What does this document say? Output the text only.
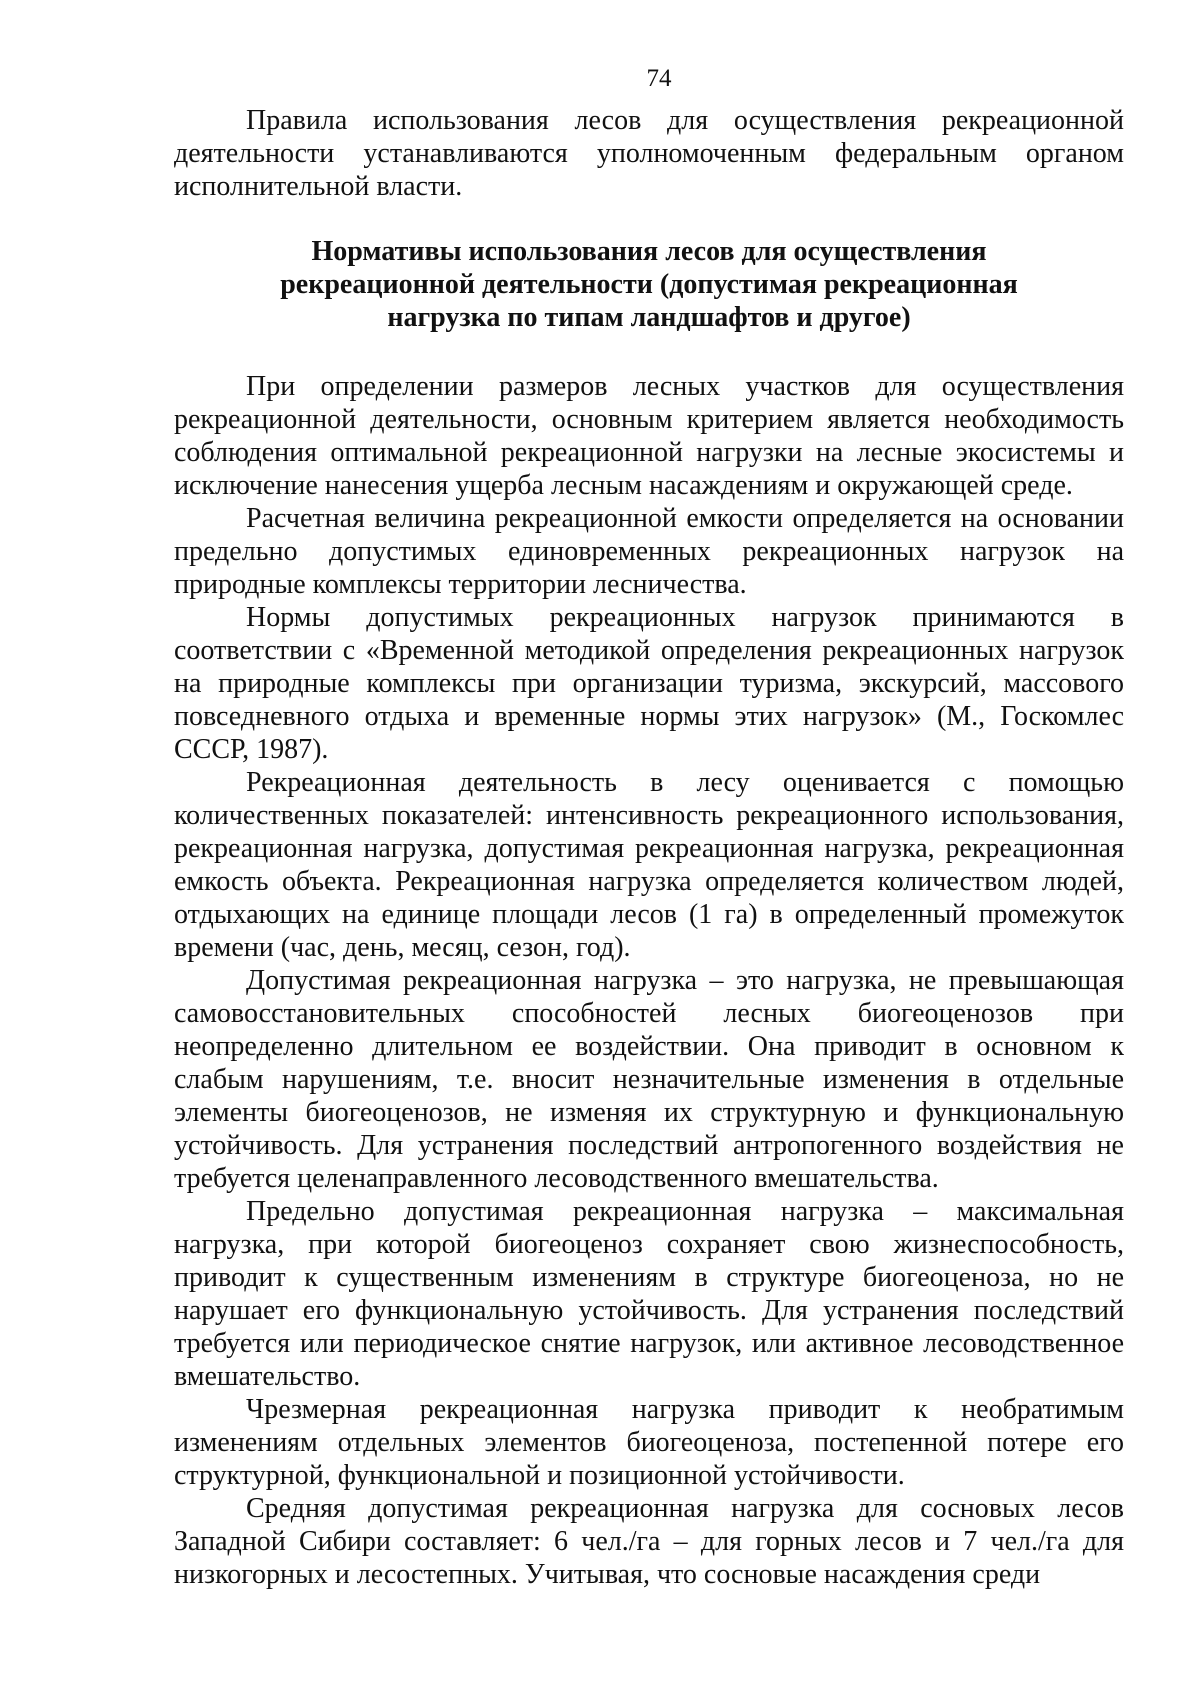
74

Правила использования лесов для осуществления рекреационной деятельности устанавливаются уполномоченным федеральным органом исполнительной власти.

Нормативы использования лесов для осуществления
рекреационной деятельности (допустимая рекреационная
нагрузка по типам ландшафтов и другое)

При определении размеров лесных участков для осуществления рекреационной деятельности, основным критерием является необходимость соблюдения оптимальной рекреационной нагрузки на лесные экосистемы и исключение нанесения ущерба лесным насаждениям и окружающей среде.

Расчетная величина рекреационной емкости определяется на основании предельно допустимых единовременных рекреационных нагрузок на природные комплексы территории лесничества.

Нормы допустимых рекреационных нагрузок принимаются в соответствии с «Временной методикой определения рекреационных нагрузок на природные комплексы при организации туризма, экскурсий, массового повседневного отдыха и временные нормы этих нагрузок» (М., Госкомлес СССР, 1987).

Рекреационная деятельность в лесу оценивается с помощью количественных показателей: интенсивность рекреационного использования, рекреационная нагрузка, допустимая рекреационная нагрузка, рекреационная емкость объекта. Рекреационная нагрузка определяется количеством людей, отдыхающих на единице площади лесов (1 га) в определенный промежуток времени (час, день, месяц, сезон, год).

Допустимая рекреационная нагрузка – это нагрузка, не превышающая самовосстановительных способностей лесных биогеоценозов при неопределенно длительном ее воздействии. Она приводит в основном к слабым нарушениям, т.е. вносит незначительные изменения в отдельные элементы биогеоценозов, не изменяя их структурную и функциональную устойчивость. Для устранения последствий антропогенного воздействия не требуется целенаправленного лесоводственного вмешательства.

Предельно допустимая рекреационная нагрузка – максимальная нагрузка, при которой биогеоценоз сохраняет свою жизнеспособность, приводит к существенным изменениям в структуре биогеоценоза, но не нарушает его функциональную устойчивость. Для устранения последствий требуется или периодическое снятие нагрузок, или активное лесоводственное вмешательство.

Чрезмерная рекреационная нагрузка приводит к необратимым изменениям отдельных элементов биогеоценоза, постепенной потере его структурной, функциональной и позиционной устойчивости.

Средняя допустимая рекреационная нагрузка для сосновых лесов Западной Сибири составляет: 6 чел./га – для горных лесов и 7 чел./га для низкогорных и лесостепных. Учитывая, что сосновые насаждения среди
